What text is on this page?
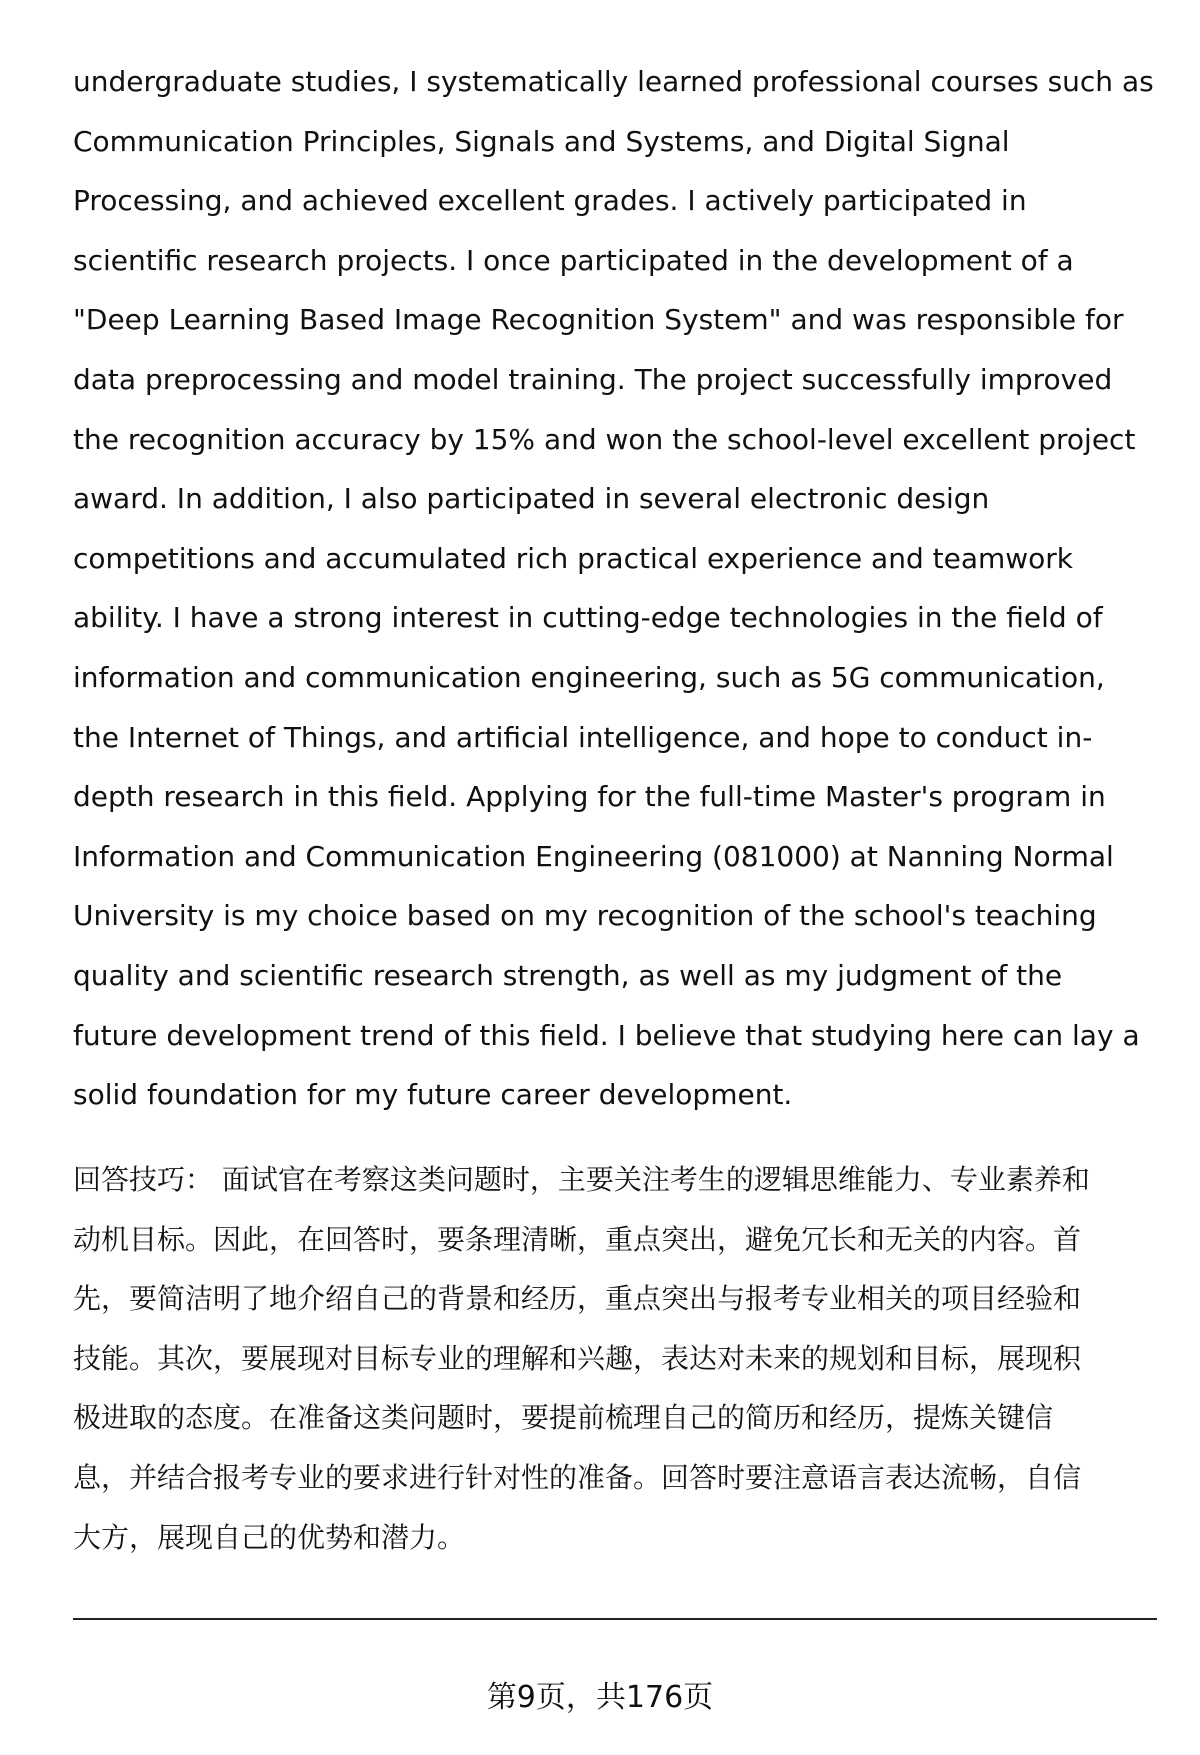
undergraduate studies, I systematically learned professional courses such as
Communication Principles, Signals and Systems, and Digital Signal
Processing, and achieved excellent grades. I actively participated in
scientific research projects. I once participated in the development of a
"Deep Learning Based Image Recognition System" and was responsible for
data preprocessing and model training. The project successfully improved
the recognition accuracy by 15% and won the school-level excellent project
award. In addition, I also participated in several electronic design
competitions and accumulated rich practical experience and teamwork
ability. I have a strong interest in cutting-edge technologies in the field of
information and communication engineering, such as 5G communication,
the Internet of Things, and artificial intelligence, and hope to conduct in-
depth research in this field. Applying for the full-time Master's program in
Information and Communication Engineering (081000) at Nanning Normal
University is my choice based on my recognition of the school's teaching
quality and scientific research strength, as well as my judgment of the
future development trend of this field. I believe that studying here can lay a
solid foundation for my future career development.
回答技巧： 面试官在考察这类问题时，主要关注考生的逻辑思维能力、专业素养和
动机目标。因此，在回答时，要条理清晰，重点突出，避免冗长和无关的内容。首
先，要简洁明了地介绍自己的背景和经历，重点突出与报考专业相关的项目经验和
技能。其次，要展现对目标专业的理解和兴趣，表达对未来的规划和目标，展现积
极进取的态度。在准备这类问题时，要提前梳理自己的简历和经历，提炼关键信
息，并结合报考专业的要求进行针对性的准备。回答时要注意语言表达流畅，自信
大方，展现自己的优势和潜力。
第9页，共176页
